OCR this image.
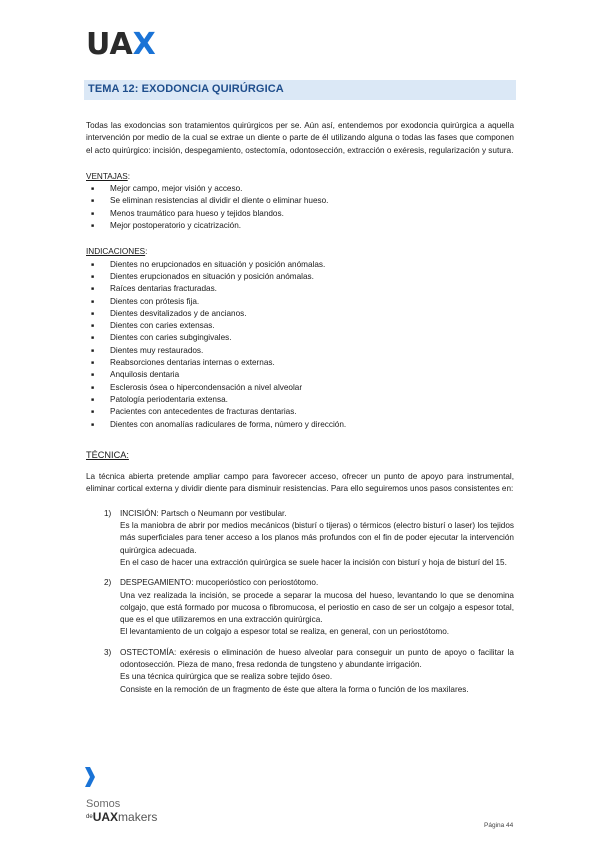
UAX
TEMA 12: EXODONCIA QUIRÚRGICA

Todas las exodoncias son tratamientos quirúrgicos per se. Aún así, entendemos por exodoncia quirúrgica a aquella intervención por medio de la cual se extrae un diente o parte de él utilizando alguna o todas las fases que componen el acto quirúrgico: incisión, despegamiento, ostectomía, odontosección, extracción o exéresis, regularización y sutura.

VENTAJAS:

■ Mejor campo, mejor visión y acceso.
■ Se eliminan resistencias al dividir el diente o eliminar hueso.
■ Menos traumático para hueso y tejidos blandos.
■ Mejor postoperatorio y cicatrización.

INDICACIONES:

■ Dientes no erupcionados en situación y posición anómalas.
■ Dientes erupcionados en situación y posición anómalas.
■ Raíces dentarias fracturadas.
■ Dientes con prótesis fija.
■ Dientes desvitalizados y de ancianos.
■ Dientes con caries extensas.
■ Dientes con caries subgingivales.
■ Dientes muy restaurados.
■ Reabsorciones dentarias internas o externas.
■ Anquilosis dentaria
■ Esclerosis ósea o hipercondensación a nivel alveolar
■ Patología periodentaria extensa.
■ Pacientes con antecedentes de fracturas dentarias.
■ Dientes con anomalías radiculares de forma, número y dirección.

TÉCNICA:

La técnica abierta pretende ampliar campo para favorecer acceso, ofrecer un punto de apoyo para instrumental, eliminar cortical externa y dividir diente para disminuir resistencias. Para ello seguiremos unos pasos consistentes en:

1) INCISIÓN: Partsch o Neumann por vestibular.

Es la maniobra de abrir por medios mecánicos (bisturí o tijeras) o térmicos (electro bisturí o laser) los tejidos más superficiales para tener acceso a los planos más profundos con el fin de poder ejecutar la intervención quirúrgica adecuada.

En el caso de hacer una extracción quirúrgica se suele hacer la incisión con bisturí y hoja de bisturí del 15.

2) DESPEGAMIENTO: mucoperióstico con periostótomo.

Una vez realizada la incisión, se procede a separar la mucosa del hueso, levantando lo que se denomina colgajo, que está formado por mucosa o fibromucosa, el periostio en caso de ser un colgajo a espesor total, que es el que utilizaremos en una extracción quirúrgica.

El levantamiento de un colgajo a espesor total se realiza, en general, con un periostótomo.

3) OSTECTOMÍA: exéresis o eliminación de hueso alveolar para conseguir un punto de apoyo o facilitar la odontosección. Pieza de mano, fresa redonda de tungsteno y abundante irrigación.

Es una técnica quirúrgica que se realiza sobre tejido óseo.

Consiste en la remoción de un fragmento de éste que altera la forma o función de los maxilares.

Somos
$^{de}$UAXmakers
Página 44
